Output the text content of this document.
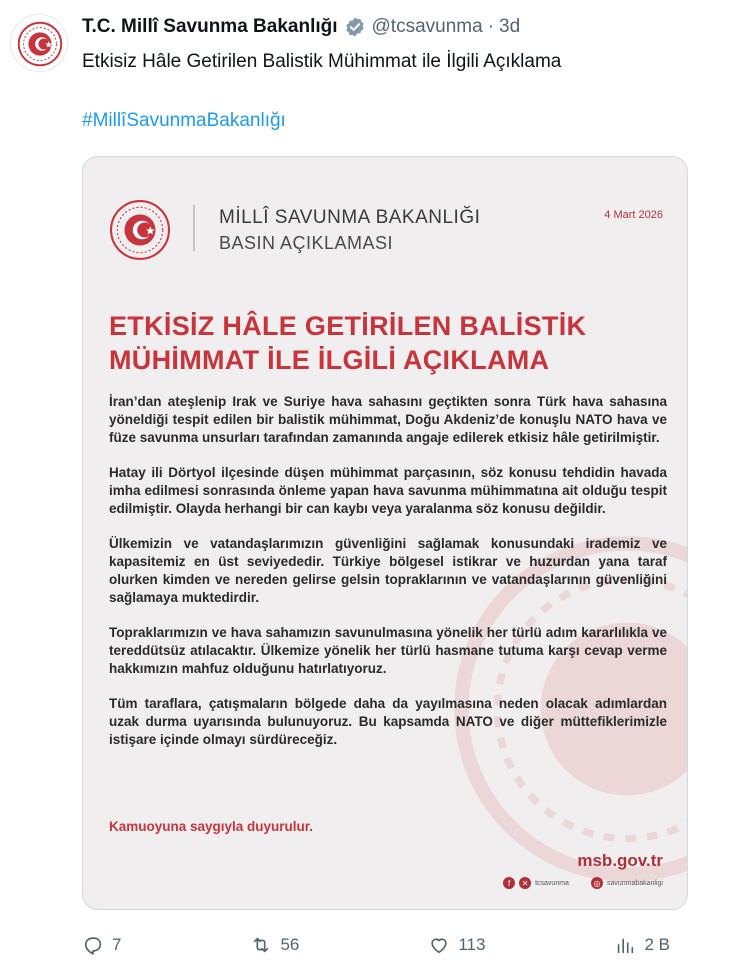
T.C. Millî Savunma Bakanlığı @tcsavunma · 3d
Etkisiz Hâle Getirilen Balistik Mühimmat ile İlgili Açıklama
#MillîSavunmaBakanlığı
MİLLÎ SAVUNMA BAKANLIĞI
BASIN AÇIKLAMASI
4 Mart 2026
ETKİSİZ HÂLE GETİRİLEN BALİSTİK MÜHİMMAT İLE İLGİLİ AÇIKLAMA

İran’dan ateşlenip Irak ve Suriye hava sahasını geçtikten sonra Türk hava sahasına yöneldiği tespit edilen bir balistik mühimmat, Doğu Akdeniz’de konuşlu NATO hava ve füze savunma unsurları tarafından zamanında angaje edilerek etkisiz hâle getirilmiştir.

Hatay ili Dörtyol ilçesinde düşen mühimmat parçasının, söz konusu tehdidin havada imha edilmesi sonrasında önleme yapan hava savunma mühimmatına ait olduğu tespit edilmiştir. Olayda herhangi bir can kaybı veya yaralanma söz konusu değildir.

Ülkemizin ve vatandaşlarımızın güvenliğini sağlamak konusundaki irademiz ve kapasitemiz en üst seviyededir. Türkiye bölgesel istikrar ve huzurdan yana taraf olurken kimden ve nereden gelirse gelsin topraklarının ve vatandaşlarının güvenliğini sağlamaya muktedirdir.

Topraklarımızın ve hava sahamızın savunulmasına yönelik her türlü adım kararlılıkla ve tereddütsüz atılacaktır. Ülkemize yönelik her türlü hasmane tutuma karşı cevap verme hakkımızın mahfuz olduğunu hatırlatıyoruz.

Tüm taraflara, çatışmaların bölgede daha da yayılmasına neden olacak adımlardan uzak durma uyarısında bulunuyoruz. Bu kapsamda NATO ve diğer müttefiklerimizle istişare içinde olmayı sürdüreceğiz.

Kamuoyuna saygıyla duyurulur.
msb.gov.tr
f	✕ tcsavunma	◎ savunmabakanligi
7	56	113	2 B
